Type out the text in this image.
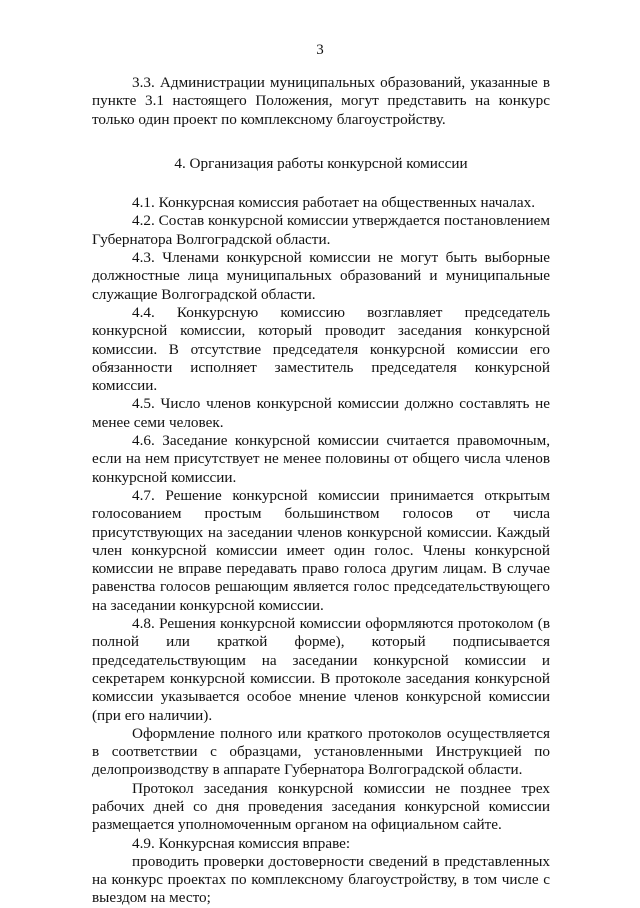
3

3.3. Администрации муниципальных образований, указанные в пункте 3.1 настоящего Положения, могут представить на конкурс только один проект по комплексному благоустройству.

4. Организация работы конкурсной комиссии

4.1. Конкурсная комиссия работает на общественных началах.

4.2. Состав конкурсной комиссии утверждается постановлением Губернатора Волгоградской области.

4.3. Членами конкурсной комиссии не могут быть выборные должностные лица муниципальных образований и муниципальные служащие Волгоградской области.

4.4. Конкурсную комиссию возглавляет председатель конкурсной комиссии, который проводит заседания конкурсной комиссии. В отсутствие председателя конкурсной комиссии его обязанности исполняет заместитель председателя конкурсной комиссии.

4.5. Число членов конкурсной комиссии должно составлять не менее семи человек.

4.6. Заседание конкурсной комиссии считается правомочным, если на нем присутствует не менее половины от общего числа членов конкурсной комиссии.

4.7. Решение конкурсной комиссии принимается открытым голосованием простым большинством голосов от числа присутствующих на заседании членов конкурсной комиссии. Каждый член конкурсной комиссии имеет один голос. Члены конкурсной комиссии не вправе передавать право голоса другим лицам. В случае равенства голосов решающим является голос председательствующего на заседании конкурсной комиссии.

4.8. Решения конкурсной комиссии оформляются протоколом (в полной или краткой форме), который подписывается председательствующим на заседании конкурсной комиссии и секретарем конкурсной комиссии. В протоколе заседания конкурсной комиссии указывается особое мнение членов конкурсной комиссии (при его наличии).

Оформление полного или краткого протоколов осуществляется в соответствии с образцами, установленными Инструкцией по делопроизводству в аппарате Губернатора Волгоградской области.

Протокол заседания конкурсной комиссии не позднее трех рабочих дней со дня проведения заседания конкурсной комиссии размещается уполномоченным органом на официальном сайте.

4.9. Конкурсная комиссия вправе:

проводить проверки достоверности сведений в представленных на конкурс проектах по комплексному благоустройству, в том числе с выездом на место;
